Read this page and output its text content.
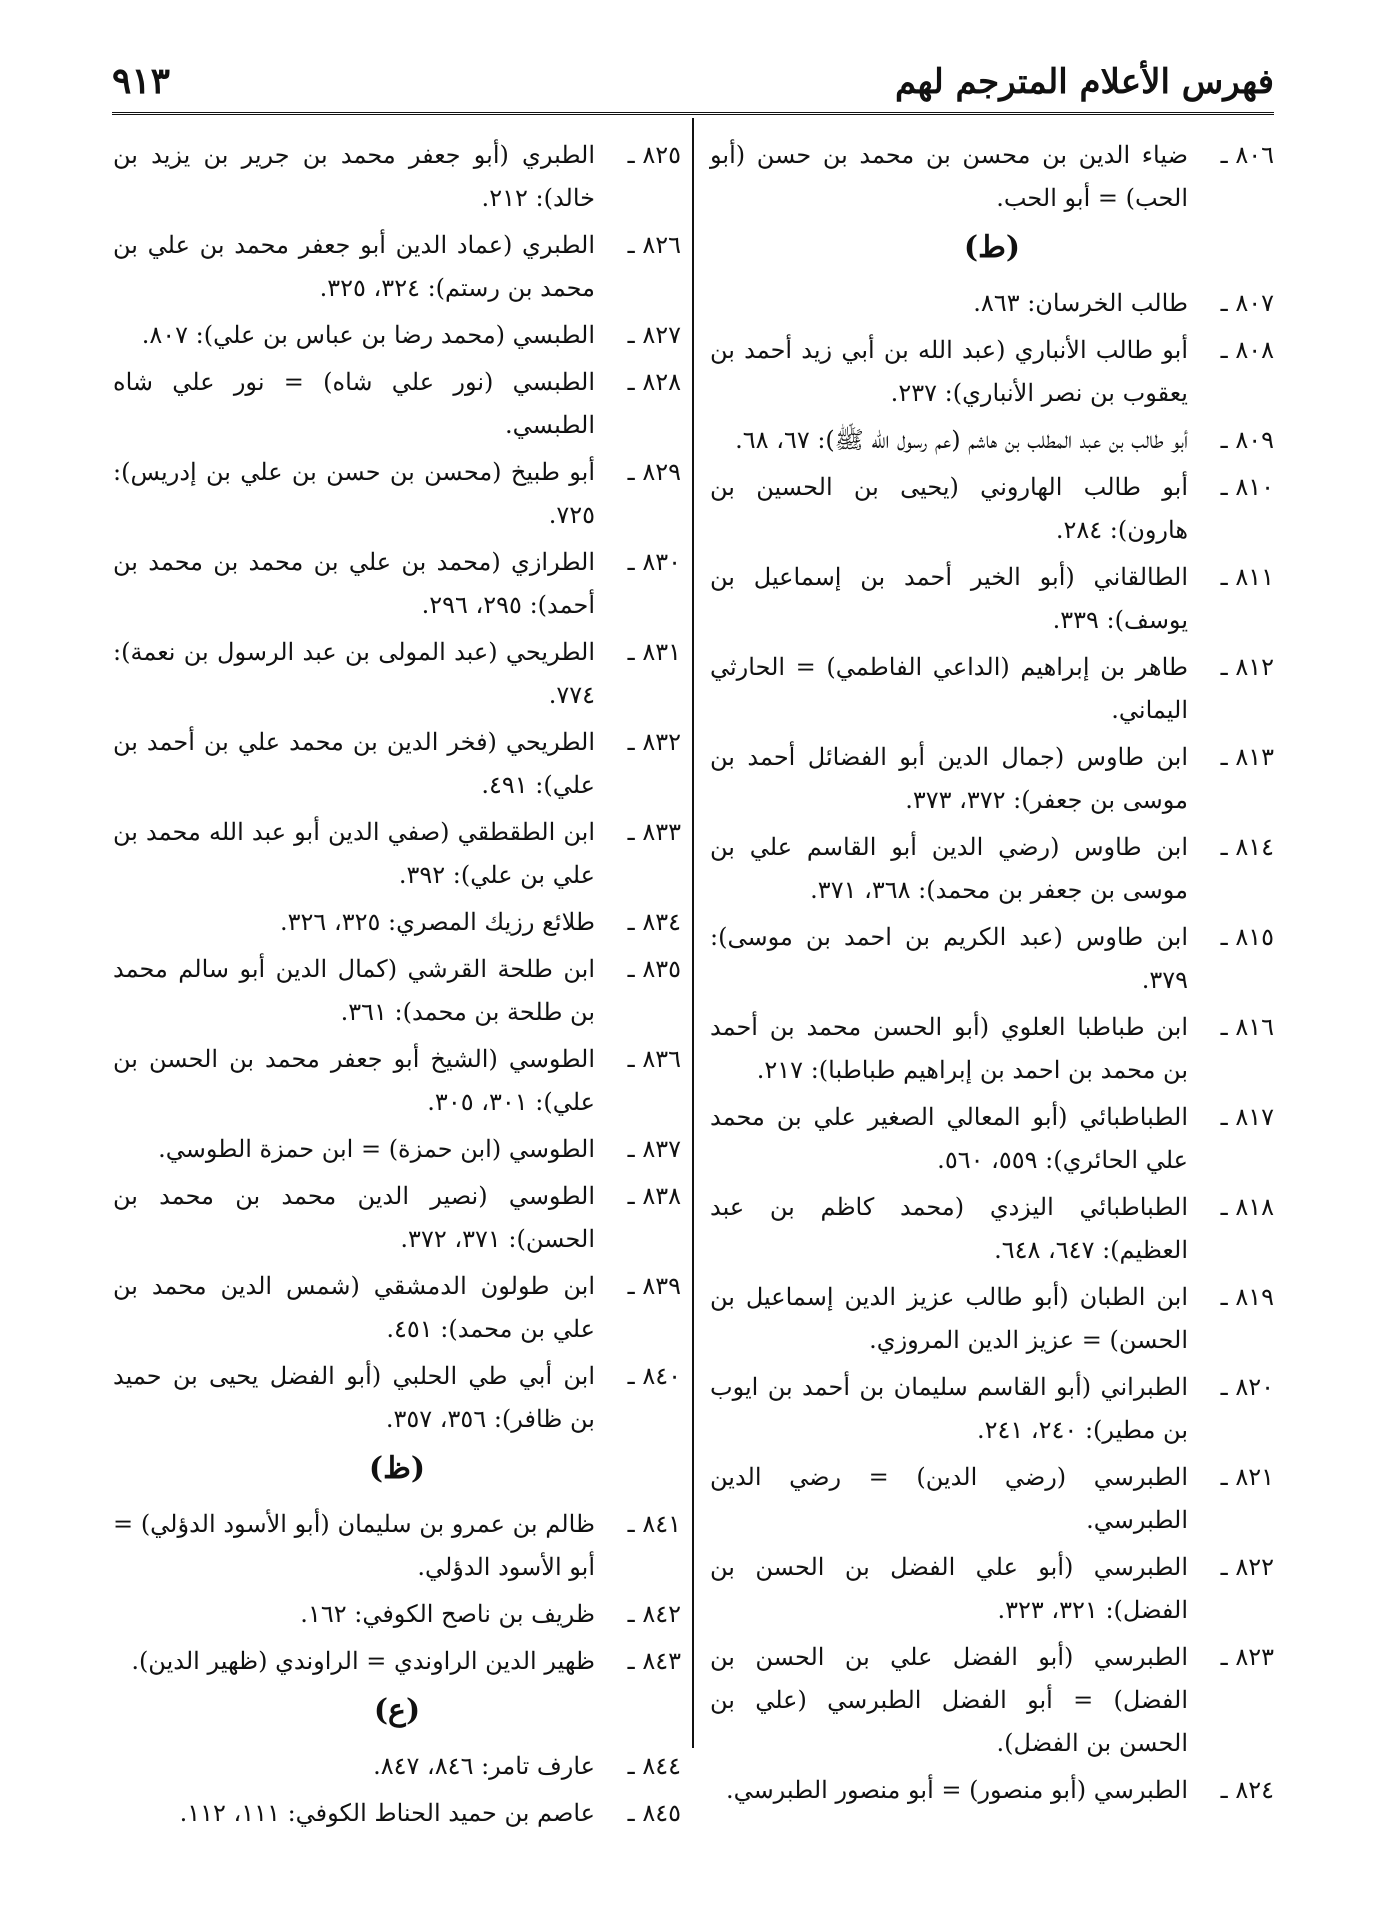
فهرس الأعلام المترجم لهم
٩١٣
٨٠٦ ـ
ضياء الدين بن محسن بن محمد بن حسن (أبو الحب) = أبو الحب.
(ط)
٨٠٧ ـ
طالب الخرسان: ٨٦٣.
٨٠٨ ـ
أبو طالب الأنباري (عبد الله بن أبي زيد أحمد بن يعقوب بن نصر الأنباري): ٢٣٧.
٨٠٩ ـ
أبو طالب بن عبد المطلب بن هاشم (عم رسول الله ﷺ): ٦٧، ٦٨.
٨١٠ ـ
أبو طالب الهاروني (يحيى بن الحسين بن هارون): ٢٨٤.
٨١١ ـ
الطالقاني (أبو الخير أحمد بن إسماعيل بن يوسف): ٣٣٩.
٨١٢ ـ
طاهر بن إبراهيم (الداعي الفاطمي) = الحارثي اليماني.
٨١٣ ـ
ابن طاوس (جمال الدين أبو الفضائل أحمد بن موسى بن جعفر): ٣٧٢، ٣٧٣.
٨١٤ ـ
ابن طاوس (رضي الدين أبو القاسم علي بن موسى بن جعفر بن محمد): ٣٦٨، ٣٧١.
٨١٥ ـ
ابن طاوس (عبد الكريم بن احمد بن موسى): ٣٧٩.
٨١٦ ـ
ابن طباطبا العلوي (أبو الحسن محمد بن أحمد بن محمد بن احمد بن إبراهيم طباطبا): ٢١٧.
٨١٧ ـ
الطباطبائي (أبو المعالي الصغير علي بن محمد علي الحائري): ٥٥٩، ٥٦٠.
٨١٨ ـ
الطباطبائي اليزدي (محمد كاظم بن عبد العظيم): ٦٤٧، ٦٤٨.
٨١٩ ـ
ابن الطبان (أبو طالب عزيز الدين إسماعيل بن الحسن) = عزيز الدين المروزي.
٨٢٠ ـ
الطبراني (أبو القاسم سليمان بن أحمد بن ايوب بن مطير): ٢٤٠، ٢٤١.
٨٢١ ـ
الطبرسي (رضي الدين) = رضي الدين الطبرسي.
٨٢٢ ـ
الطبرسي (أبو علي الفضل بن الحسن بن الفضل): ٣٢١، ٣٢٣.
٨٢٣ ـ
الطبرسي (أبو الفضل علي بن الحسن بن الفضل) = أبو الفضل الطبرسي (علي بن الحسن بن الفضل).
٨٢٤ ـ
الطبرسي (أبو منصور) = أبو منصور الطبرسي.
٨٢٥ ـ
الطبري (أبو جعفر محمد بن جرير بن يزيد بن خالد): ٢١٢.
٨٢٦ ـ
الطبري (عماد الدين أبو جعفر محمد بن علي بن محمد بن رستم): ٣٢٤، ٣٢٥.
٨٢٧ ـ
الطبسي (محمد رضا بن عباس بن علي): ٨٠٧.
٨٢٨ ـ
الطبسي (نور علي شاه) = نور علي شاه الطبسي.
٨٢٩ ـ
أبو طبيخ (محسن بن حسن بن علي بن إدريس): ٧٢٥.
٨٣٠ ـ
الطرازي (محمد بن علي بن محمد بن محمد بن أحمد): ٢٩٥، ٢٩٦.
٨٣١ ـ
الطريحي (عبد المولى بن عبد الرسول بن نعمة): ٧٧٤.
٨٣٢ ـ
الطريحي (فخر الدين بن محمد علي بن أحمد بن علي): ٤٩١.
٨٣٣ ـ
ابن الطقطقي (صفي الدين أبو عبد الله محمد بن علي بن علي): ٣٩٢.
٨٣٤ ـ
طلائع رزيك المصري: ٣٢٥، ٣٢٦.
٨٣٥ ـ
ابن طلحة القرشي (كمال الدين أبو سالم محمد بن طلحة بن محمد): ٣٦١.
٨٣٦ ـ
الطوسي (الشيخ أبو جعفر محمد بن الحسن بن علي): ٣٠١، ٣٠٥.
٨٣٧ ـ
الطوسي (ابن حمزة) = ابن حمزة الطوسي.
٨٣٨ ـ
الطوسي (نصير الدين محمد بن محمد بن الحسن): ٣٧١، ٣٧٢.
٨٣٩ ـ
ابن طولون الدمشقي (شمس الدين محمد بن علي بن محمد): ٤٥١.
٨٤٠ ـ
ابن أبي طي الحلبي (أبو الفضل يحيى بن حميد بن ظافر): ٣٥٦، ٣٥٧.
(ظ)
٨٤١ ـ
ظالم بن عمرو بن سليمان (أبو الأسود الدؤلي) = أبو الأسود الدؤلي.
٨٤٢ ـ
ظريف بن ناصح الكوفي: ١٦٢.
٨٤٣ ـ
ظهير الدين الراوندي = الراوندي (ظهير الدين).
(ع)
٨٤٤ ـ
عارف تامر: ٨٤٦، ٨٤٧.
٨٤٥ ـ
عاصم بن حميد الحناط الكوفي: ١١١، ١١٢.
